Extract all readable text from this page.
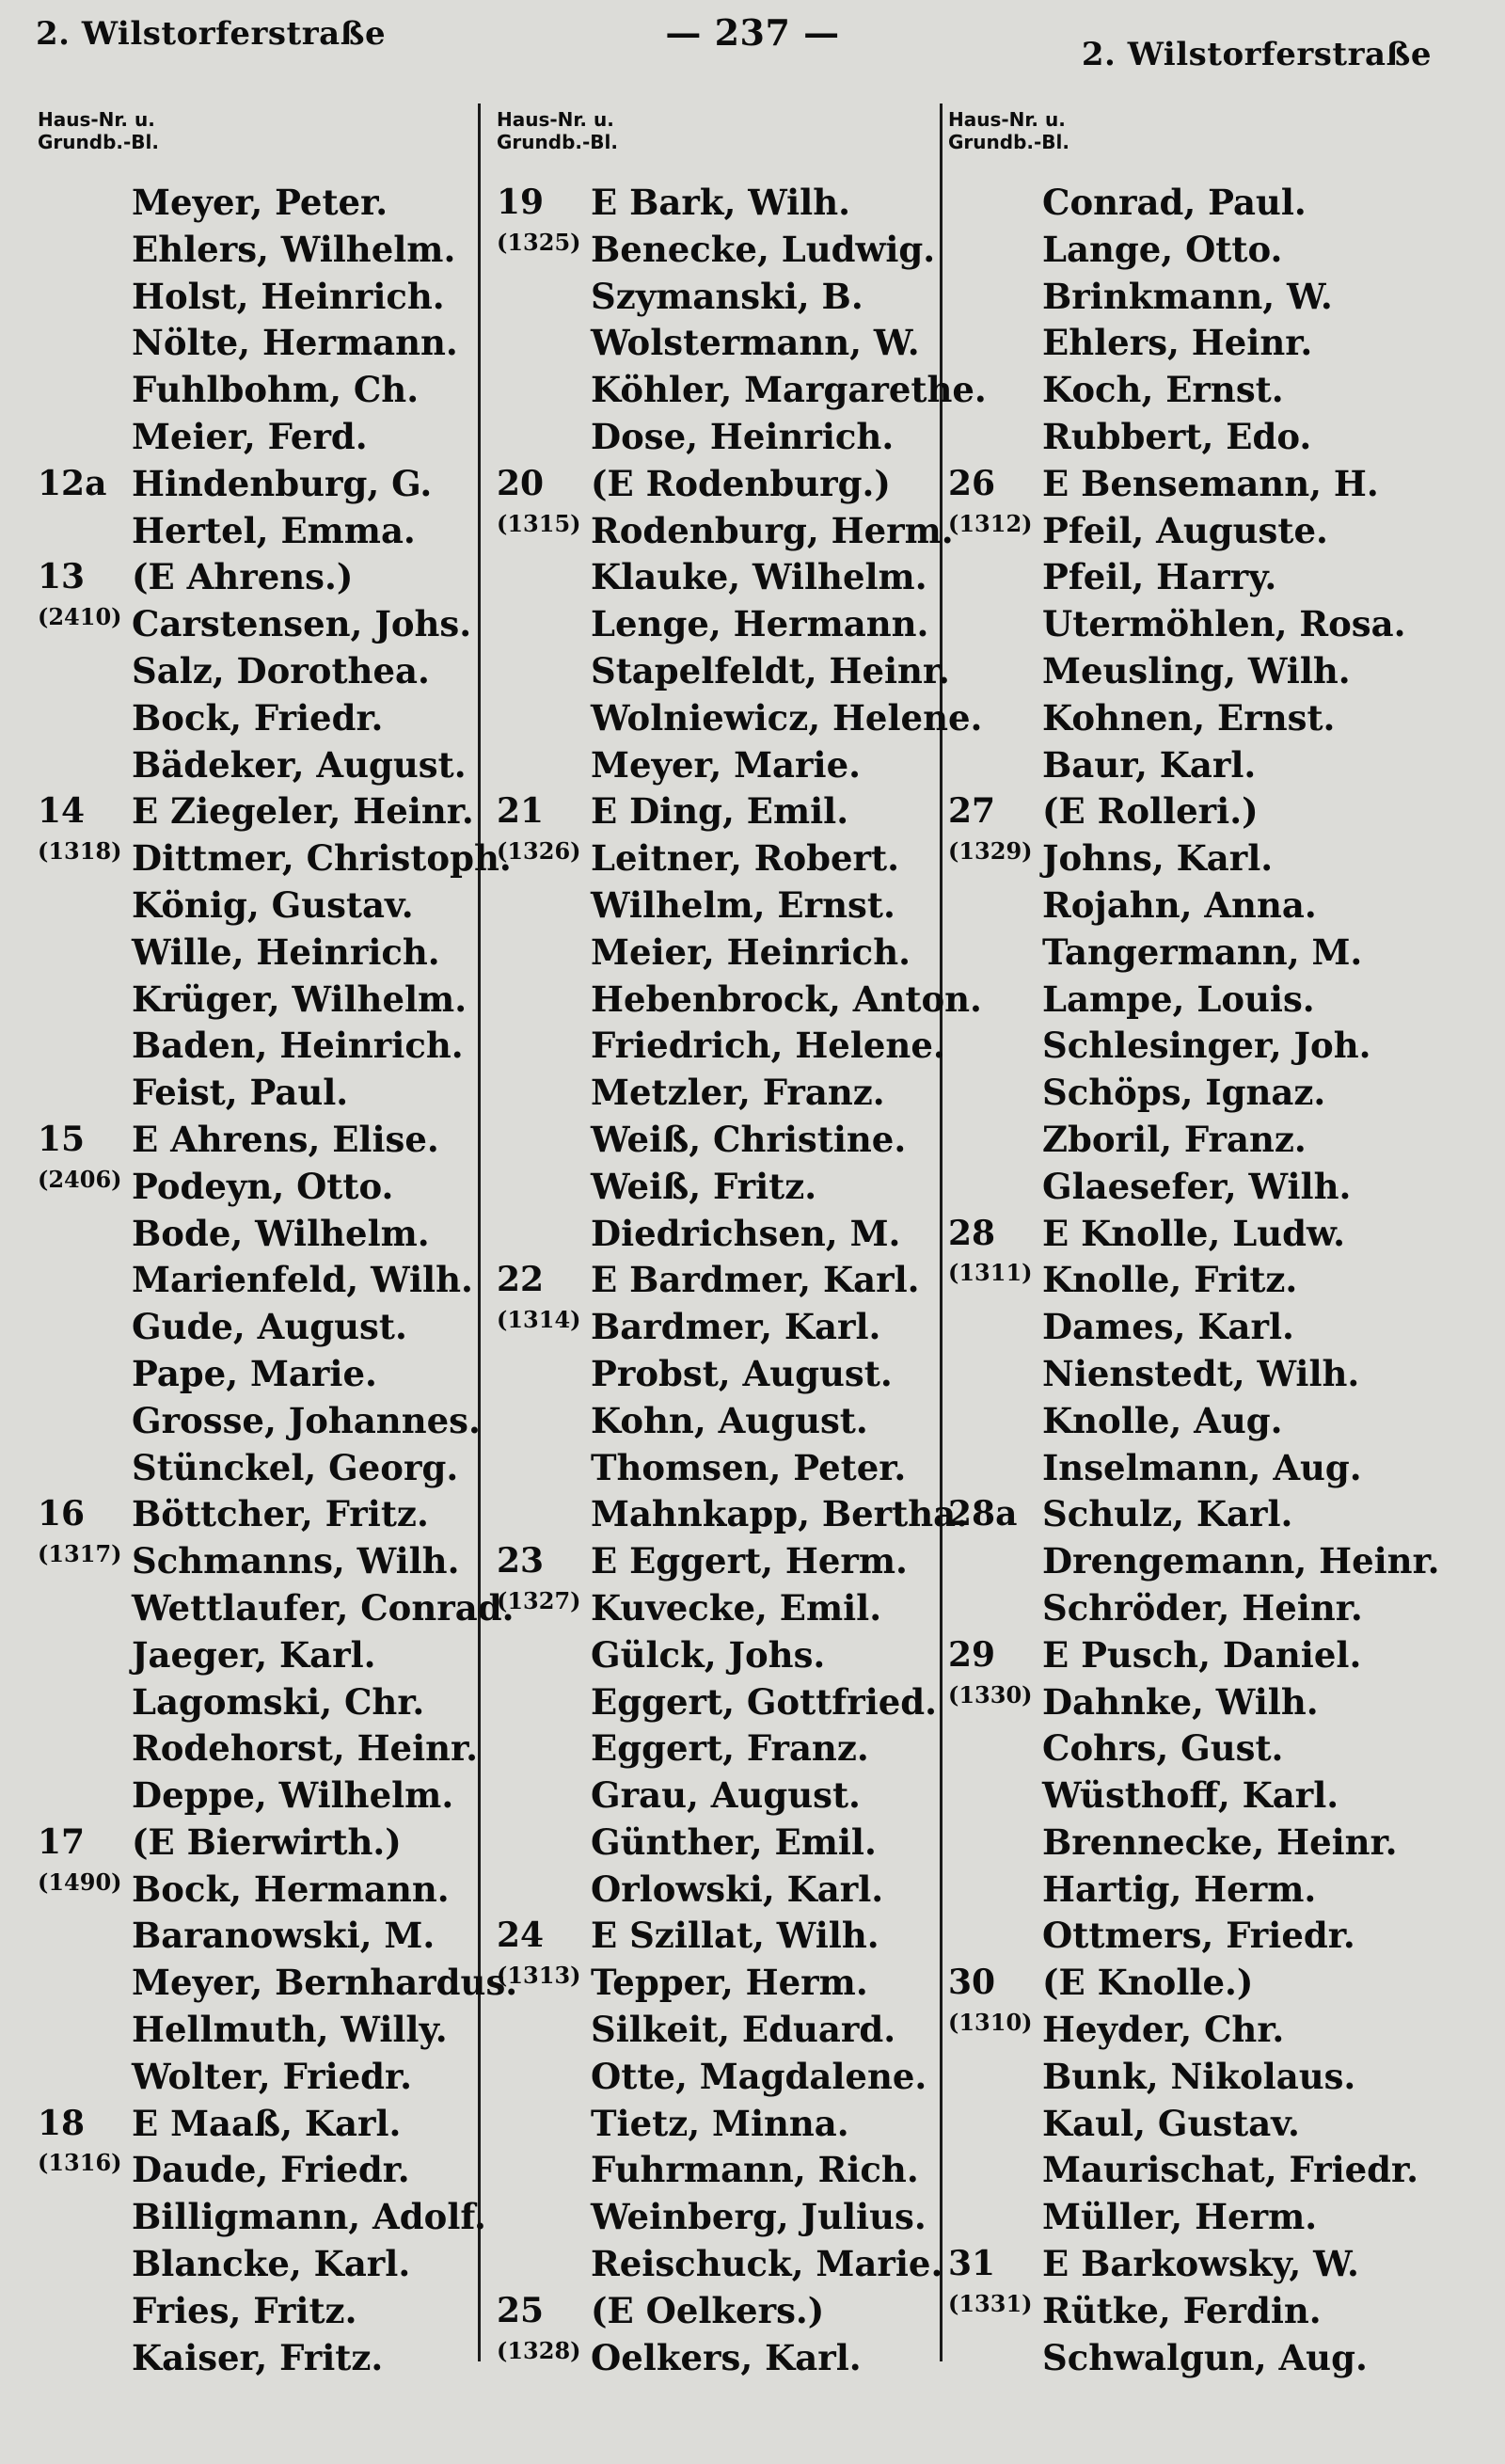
2. Wilstorferstraße	— 237 —
2. Wilstorferstraße
Haus-Nr. u.
Grundb.-Bl.
Meyer, Peter.
Ehlers, Wilhelm.
Holst, Heinrich.
Nölte, Hermann.
Fuhlbohm, Ch.
Meier, Ferd.
12a Hindenburg, G.
Hertel, Emma.
13 (E Ahrens.)
(2410) Carstensen, Johs.
Salz, Dorothea.
Bock, Friedr.
Bädeker, August.
14 E Ziegeler, Heinr.
(1318) Dittmer, Christoph.
König, Gustav.
Wille, Heinrich.
Krüger, Wilhelm.
Baden, Heinrich.
Feist, Paul.
15 E Ahrens, Elise.
(2406) Podeyn, Otto.
Bode, Wilhelm.
Marienfeld, Wilh.
Gude, August.
Pape, Marie.
Grosse, Johannes.
Stünckel, Georg.
16 Böttcher, Fritz.
(1317) Schmanns, Wilh.
Wettlaufer, Conrad.
Jaeger, Karl.
Lagomski, Chr.
Rodehorst, Heinr.
Deppe, Wilhelm.
17 (E Bierwirth.)
(1490) Bock, Hermann.
Baranowski, M.
Meyer, Bernhardus.
Hellmuth, Willy.
Wolter, Friedr.
18 E Maaß, Karl.
(1316) Daude, Friedr.
Billigmann, Adolf.
Blancke, Karl.
Fries, Fritz.
Kaiser, Fritz.
Haus-Nr. u.
Grundb.-Bl.
19 E Bark, Wilh.
(1325) Benecke, Ludwig.
Szymanski, B.
Wolstermann, W.
Köhler, Margarethe.
Dose, Heinrich.
20 (E Rodenburg.)
(1315) Rodenburg, Herm.
Klauke, Wilhelm.
Lenge, Hermann.
Stapelfeldt, Heinr.
Wolniewicz, Helene.
Meyer, Marie.
21 E Ding, Emil.
(1326) Leitner, Robert.
Wilhelm, Ernst.
Meier, Heinrich.
Hebenbrock, Anton.
Friedrich, Helene.
Metzler, Franz.
Weiß, Christine.
Weiß, Fritz.
Diedrichsen, M.
22 E Bardmer, Karl.
(1314) Bardmer, Karl.
Probst, August.
Kohn, August.
Thomsen, Peter.
Mahnkapp, Bertha.
23 E Eggert, Herm.
(1327) Kuvecke, Emil.
Gülck, Johs.
Eggert, Gottfried.
Eggert, Franz.
Grau, August.
Günther, Emil.
Orlowski, Karl.
24 E Szillat, Wilh.
(1313) Tepper, Herm.
Silkeit, Eduard.
Otte, Magdalene.
Tietz, Minna.
Fuhrmann, Rich.
Weinberg, Julius.
Reischuck, Marie.
25 (E Oelkers.)
(1328) Oelkers, Karl.
Haus-Nr. u.
Grundb.-Bl.
Conrad, Paul.
Lange, Otto.
Brinkmann, W.
Ehlers, Heinr.
Koch, Ernst.
Rubbert, Edo.
26 E Bensemann, H.
(1312) Pfeil, Auguste.
Pfeil, Harry.
Utermöhlen, Rosa.
Meusling, Wilh.
Kohnen, Ernst.
Baur, Karl.
27 (E Rolleri.)
(1329) Johns, Karl.
Rojahn, Anna.
Tangermann, M.
Lampe, Louis.
Schlesinger, Joh.
Schöps, Ignaz.
Zboril, Franz.
Glaesefer, Wilh.
28 E Knolle, Ludw.
(1311) Knolle, Fritz.
Dames, Karl.
Nienstedt, Wilh.
Knolle, Aug.
Inselmann, Aug.
28a Schulz, Karl.
Drengemann, Heinr.
Schröder, Heinr.
29 E Pusch, Daniel.
(1330) Dahnke, Wilh.
Cohrs, Gust.
Wüsthoff, Karl.
Brennecke, Heinr.
Hartig, Herm.
Ottmers, Friedr.
30 (E Knolle.)
(1310) Heyder, Chr.
Bunk, Nikolaus.
Kaul, Gustav.
Maurischat, Friedr.
Müller, Herm.
31 E Barkowsky, W.
(1331) Rütke, Ferdin.
Schwalgun, Aug.
